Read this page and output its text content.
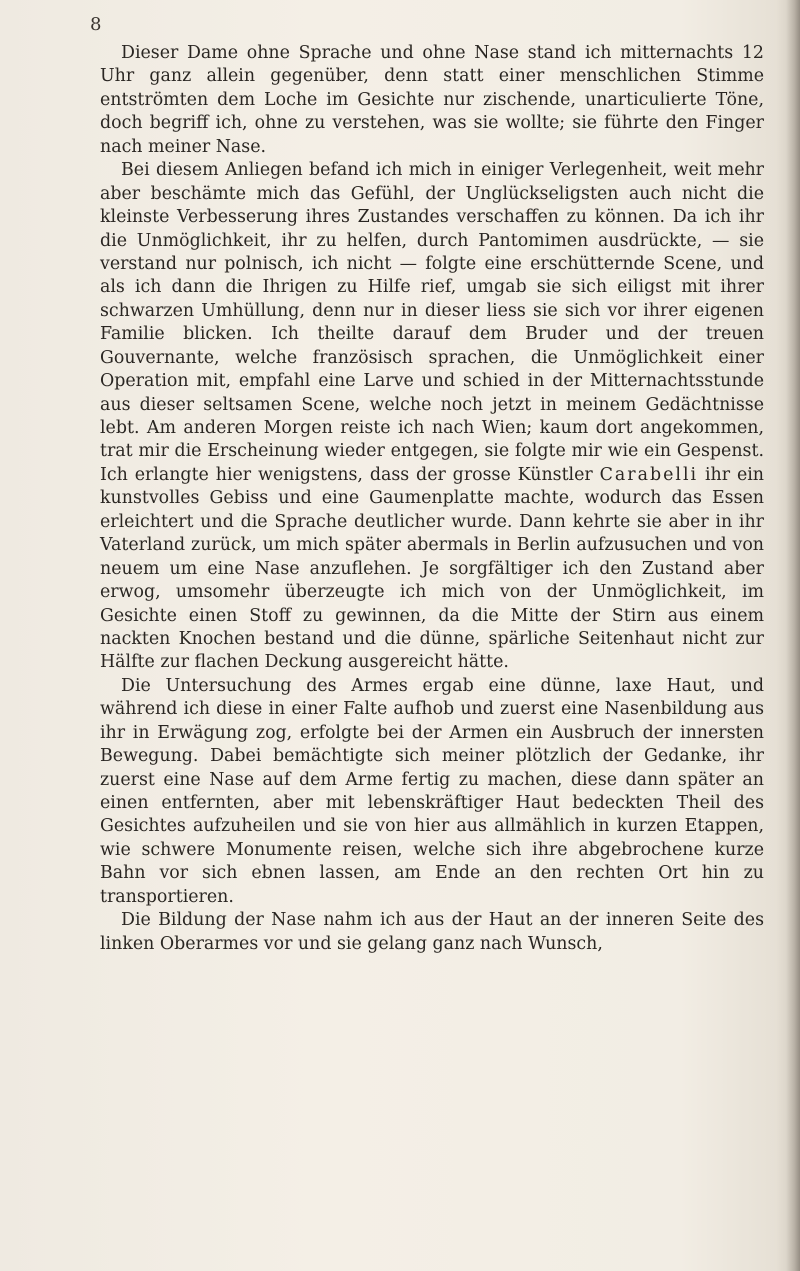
8

Dieser Dame ohne Sprache und ohne Nase stand ich mitternachts 12 Uhr ganz allein gegenüber, denn statt einer menschlichen Stimme entströmten dem Loche im Gesichte nur zischende, unarticulierte Töne, doch begriff ich, ohne zu verstehen, was sie wollte; sie führte den Finger nach meiner Nase.

Bei diesem Anliegen befand ich mich in einiger Verlegenheit, weit mehr aber beschämte mich das Gefühl, der Unglückseligsten auch nicht die kleinste Verbesserung ihres Zustandes verschaffen zu können. Da ich ihr die Unmöglichkeit, ihr zu helfen, durch Pantomimen ausdrückte, — sie verstand nur polnisch, ich nicht — folgte eine erschütternde Scene, und als ich dann die Ihrigen zu Hilfe rief, umgab sie sich eiligst mit ihrer schwarzen Umhüllung, denn nur in dieser liess sie sich vor ihrer eigenen Familie blicken. Ich theilte darauf dem Bruder und der treuen Gouvernante, welche französisch sprachen, die Unmöglichkeit einer Operation mit, empfahl eine Larve und schied in der Mitternachtsstunde aus dieser seltsamen Scene, welche noch jetzt in meinem Gedächtnisse lebt. Am anderen Morgen reiste ich nach Wien; kaum dort angekommen, trat mir die Erscheinung wieder entgegen, sie folgte mir wie ein Gespenst. Ich erlangte hier wenigstens, dass der grosse Künstler Carabelli ihr ein kunstvolles Gebiss und eine Gaumenplatte machte, wodurch das Essen erleichtert und die Sprache deutlicher wurde. Dann kehrte sie aber in ihr Vaterland zurück, um mich später abermals in Berlin aufzusuchen und von neuem um eine Nase anzuflehen. Je sorgfältiger ich den Zustand aber erwog, umsomehr überzeugte ich mich von der Unmöglichkeit, im Gesichte einen Stoff zu gewinnen, da die Mitte der Stirn aus einem nackten Knochen bestand und die dünne, spärliche Seitenhaut nicht zur Hälfte zur flachen Deckung ausgereicht hätte.

Die Untersuchung des Armes ergab eine dünne, laxe Haut, und während ich diese in einer Falte aufhob und zuerst eine Nasenbildung aus ihr in Erwägung zog, erfolgte bei der Armen ein Ausbruch der innersten Bewegung. Dabei bemächtigte sich meiner plötzlich der Gedanke, ihr zuerst eine Nase auf dem Arme fertig zu machen, diese dann später an einen entfernten, aber mit lebenskräftiger Haut bedeckten Theil des Gesichtes aufzuheilen und sie von hier aus allmählich in kurzen Etappen, wie schwere Monumente reisen, welche sich ihre abgebrochene kurze Bahn vor sich ebnen lassen, am Ende an den rechten Ort hin zu transportieren.

Die Bildung der Nase nahm ich aus der Haut an der inneren Seite des linken Oberarmes vor und sie gelang ganz nach Wunsch,
